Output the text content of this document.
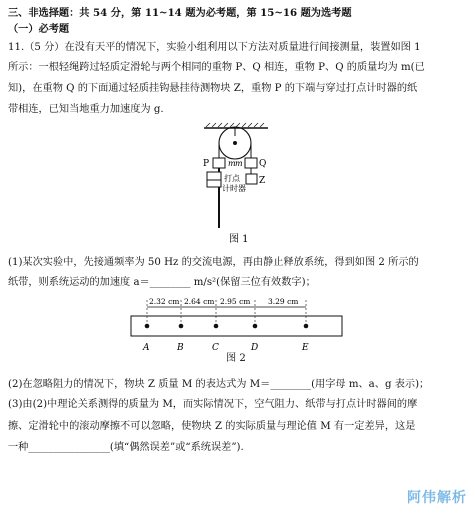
三、非选择题：共 54 分，第 11~14 题为必考题，第 15~16 题为选考题
（一）必考题
11.（5 分）在没有天平的情况下，实验小组利用以下方法对质量进行间接测量，装置如图 1
所示：一根轻绳跨过轻质定滑轮与两个相同的重物 P、Q 相连，重物 P、Q 的质量均为 m(已
知)，在重物 Q 的下面通过轻质挂钩悬挂待测物块 Z，重物 P 的下端与穿过打点计时器的纸
带相连，已知当地重力加速度为 g.
P m m Q
Z
打点
计时器
图 1
(1)某次实验中，先接通频率为 50 Hz 的交流电源，再由静止释放系统，得到如图 2 所示的
纸带，则系统运动的加速度 a＝________ m/s²(保留三位有效数字)；
2.32 cm 2.64 cm 2.95 cm 3.29 cm
A	B	C	D	E
图 2
(2)在忽略阻力的情况下，物块 Z 质量 M 的表达式为 M＝________(用字母 m、a、g 表示)；
(3)由(2)中理论关系测得的质量为 M，而实际情况下，空气阻力、纸带与打点计时器间的摩
擦、定滑轮中的滚动摩擦不可以忽略，使物块 Z 的实际质量与理论值 M 有一定差异，这是
一种________________(填“偶然误差”或“系统误差”).
阿伟解析
